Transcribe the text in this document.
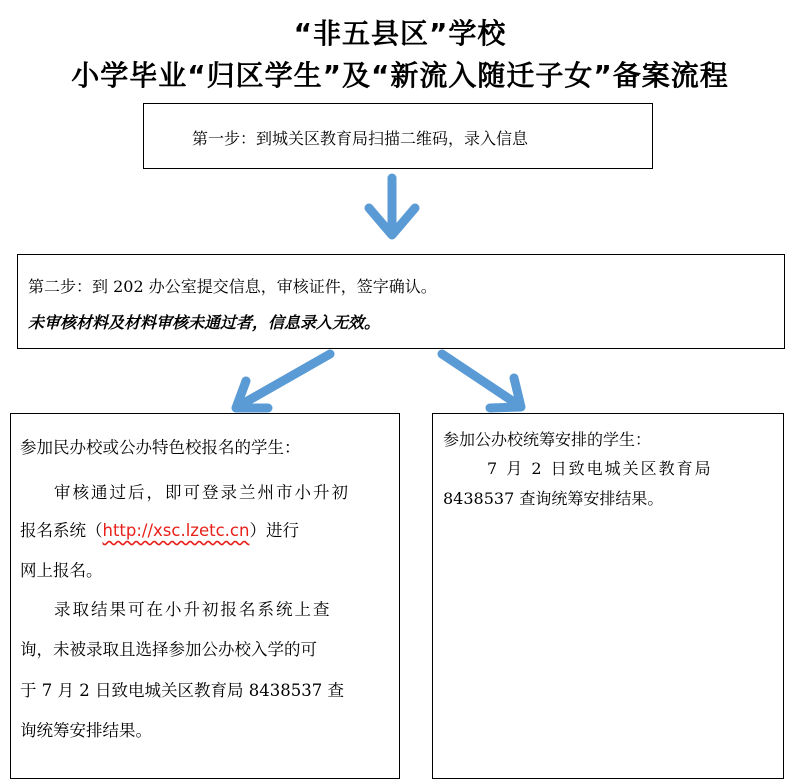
“非五县区”学校
小学毕业“归区学生”及“新流入随迁子女”备案流程
第一步：到城关区教育局扫描二维码，录入信息
第二步：到 202 办公室提交信息，审核证件，签字确认。
未审核材料及材料审核未通过者，信息录入无效。
参加民办校或公办特色校报名的学生：
审核通过后，即可登录兰州市小升初
报名系统（http://xsc.lzetc.cn）进行
网上报名。
录取结果可在小升初报名系统上查
询，未被录取且选择参加公办校入学的可
于 7 月 2 日致电城关区教育局 8438537 查
询统筹安排结果。
参加公办校统筹安排的学生：
7 月 2 日致电城关区教育局
8438537 查询统筹安排结果。
